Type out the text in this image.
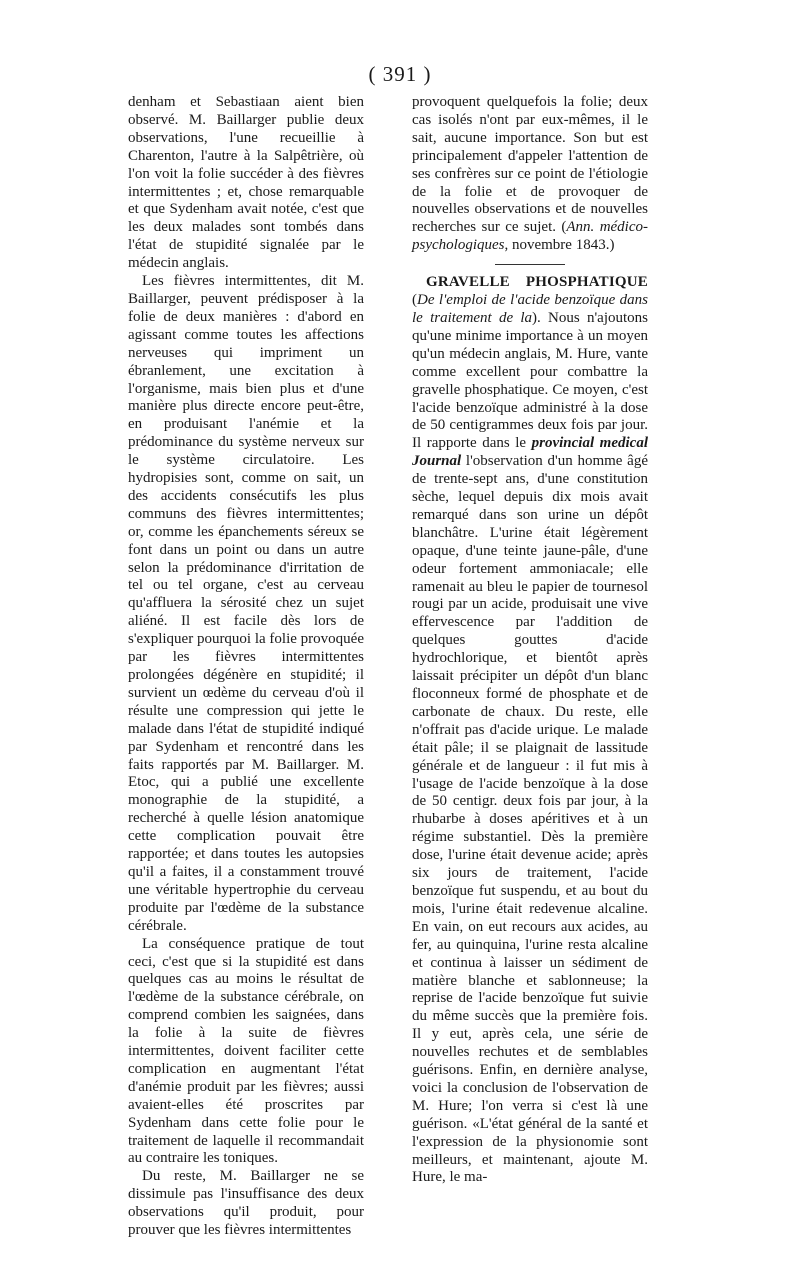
( 391 )

denham et Sebastiaan aient bien observé. M. Baillarger publie deux observations, l'une recueillie à Charenton, l'autre à la Salpêtrière, où l'on voit la folie succéder à des fièvres intermittentes ; et, chose remarquable et que Sydenham avait notée, c'est que les deux malades sont tombés dans l'état de stupidité signalée par le médecin anglais.

Les fièvres intermittentes, dit M. Baillarger, peuvent prédisposer à la folie de deux manières : d'abord en agissant comme toutes les affections nerveuses qui impriment un ébranlement, une excitation à l'organisme, mais bien plus et d'une manière plus directe encore peut-être, en produisant l'anémie et la prédominance du système nerveux sur le système circulatoire. Les hydropisies sont, comme on sait, un des accidents consécutifs les plus communs des fièvres intermittentes; or, comme les épanchements séreux se font dans un point ou dans un autre selon la prédominance d'irritation de tel ou tel organe, c'est au cerveau qu'affluera la sérosité chez un sujet aliéné. Il est facile dès lors de s'expliquer pourquoi la folie provoquée par les fièvres intermittentes prolongées dégénère en stupidité; il survient un œdème du cerveau d'où il résulte une compression qui jette le malade dans l'état de stupidité indiqué par Sydenham et rencontré dans les faits rapportés par M. Baillarger. M. Etoc, qui a publié une excellente monographie de la stupidité, a recherché à quelle lésion anatomique cette complication pouvait être rapportée; et dans toutes les autopsies qu'il a faites, il a constamment trouvé une véritable hypertrophie du cerveau produite par l'œdème de la substance cérébrale.

La conséquence pratique de tout ceci, c'est que si la stupidité est dans quelques cas au moins le résultat de l'œdème de la substance cérébrale, on comprend combien les saignées, dans la folie à la suite de fièvres intermittentes, doivent faciliter cette complication en augmentant l'état d'anémie produit par les fièvres; aussi avaient-elles été proscrites par Sydenham dans cette folie pour le traitement de laquelle il recommandait au contraire les toniques.

Du reste, M. Baillarger ne se dissimule pas l'insuffisance des deux observations qu'il produit, pour prouver que les fièvres intermittentes

provoquent quelquefois la folie; deux cas isolés n'ont par eux-mêmes, il le sait, aucune importance. Son but est principalement d'appeler l'attention de ses confrères sur ce point de l'étiologie de la folie et de provoquer de nouvelles observations et de nouvelles recherches sur ce sujet. (Ann. médico-psychologiques, novembre 1843.)

GRAVELLE PHOSPHATIQUE (De l'emploi de l'acide benzoïque dans le traitement de la). Nous n'ajoutons qu'une minime importance à un moyen qu'un médecin anglais, M. Hure, vante comme excellent pour combattre la gravelle phosphatique. Ce moyen, c'est l'acide benzoïque administré à la dose de 50 centigrammes deux fois par jour. Il rapporte dans le provincial medical Journal l'observation d'un homme âgé de trente-sept ans, d'une constitution sèche, lequel depuis dix mois avait remarqué dans son urine un dépôt blanchâtre. L'urine était légèrement opaque, d'une teinte jaune-pâle, d'une odeur fortement ammoniacale; elle ramenait au bleu le papier de tournesol rougi par un acide, produisait une vive effervescence par l'addition de quelques gouttes d'acide hydrochlorique, et bientôt après laissait précipiter un dépôt d'un blanc floconneux formé de phosphate et de carbonate de chaux. Du reste, elle n'offrait pas d'acide urique. Le malade était pâle; il se plaignait de lassitude générale et de langueur : il fut mis à l'usage de l'acide benzoïque à la dose de 50 centigr. deux fois par jour, à la rhubarbe à doses apéritives et à un régime substantiel. Dès la première dose, l'urine était devenue acide; après six jours de traitement, l'acide benzoïque fut suspendu, et au bout du mois, l'urine était redevenue alcaline. En vain, on eut recours aux acides, au fer, au quinquina, l'urine resta alcaline et continua à laisser un sédiment de matière blanche et sablonneuse; la reprise de l'acide benzoïque fut suivie du même succès que la première fois. Il y eut, après cela, une série de nouvelles rechutes et de semblables guérisons. Enfin, en dernière analyse, voici la conclusion de l'observation de M. Hure; l'on verra si c'est là une guérison. «L'état général de la santé et l'expression de la physionomie sont meilleurs, et maintenant, ajoute M. Hure, le ma-
